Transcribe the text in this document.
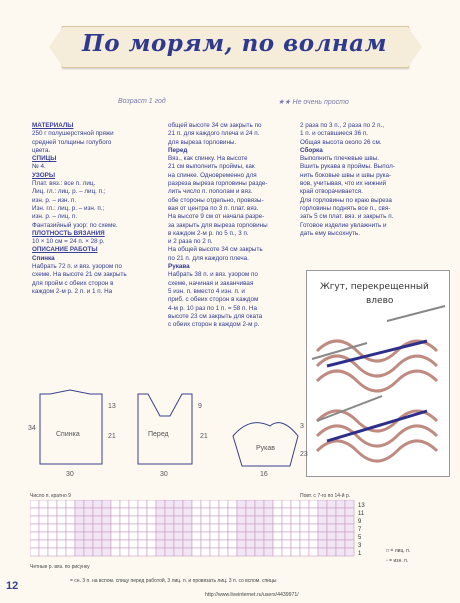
По морям, по волнам
Возраст 1 год	★★ Не очень просто

МАТЕРИАЛЫ

250 г полушерстяной пряжи

средней толщины голубого

цвета.

СПИЦЫ

№ 4.

УЗОРЫ

Плат. вяз.: все п. лиц.

Лиц. гл.: лиц. р. – лиц. п.;

изн. р. – изн. п.

Изн. гл.: лиц. р. – изн. п.;

изн. р. – лиц. п.

Фантазийный узор: по схеме.

ПЛОТНОСТЬ ВЯЗАНИЯ

10 × 10 см = 24 п. × 28 р.

ОПИСАНИЕ РАБОТЫ

Спинка

Набрать 72 п. и вяз. узором по

схеме. На высоте 21 см закрыть

для пройм с обеих сторон в

каждом 2-м р. 2 п. и 1 п. На

общей высоте 34 см закрыть по

21 п. для каждого плеча и 24 п.

для выреза горловины.

Перед

Вяз., как спинку. На высоте

21 см выполнить проймы, как

на спинке. Одновременно для

разреза выреза горловины разде-

лить число п. пополам и вяз.

обе стороны отдельно, провязы-

вая от центра по 3 п. плат. вяз.

На высоте 9 см от начала разре-

за закрыть для выреза горловины

в каждом 2-м р. по 5 п., 3 п.

и 2 раза по 2 п.

На общей высоте 34 см закрыть

по 21 п. для каждого плеча.

Рукава

Набрать 38 п. и вяз. узором по

схеме, начиная и заканчивая

5 изн. п. вместо 4 изн. п. и

приб. с обеих сторон в каждом

4-м р. 10 раз по 1 п. = 58 п. На

высоте 23 см закрыть для оката

с обеих сторон в каждом 2-м р.

2 раза по 3 п., 2 раза по 2 п.,

1 п. и оставшиеся 36 п.

Общая высота около 26 см.

Сборка

Выполнить плечевые швы.

Вшить рукава в проймы. Выпол-

нить боковые швы и швы рука-

вов, учитывая, что их нижний

край отворачивается.

Для горловины по краю выреза

горловины поднять все п., свя-

зать 5 см плат. вяз. и закрыть п.

Готовое изделие увлажнить и

дать ему высохнуть.

Жгут, перекрещенный
влево
Спинка	Перед
Рукав
30	30	16
34
21
13	9
21
23
3
Число п. кратно 9	Повт. с 7-го по 14-й р.
13
11
9
7
5
3
1
Четные р. вяз. по рисунку
□ = лиц. п.
▫ = изн. п.
12	= сн. 3 п. на вспом. спицу перед работой, 3 лиц. п. и провязать лиц. 3 п. со вспом. спицы
http://www.liveinternet.ru/users/4439971/
